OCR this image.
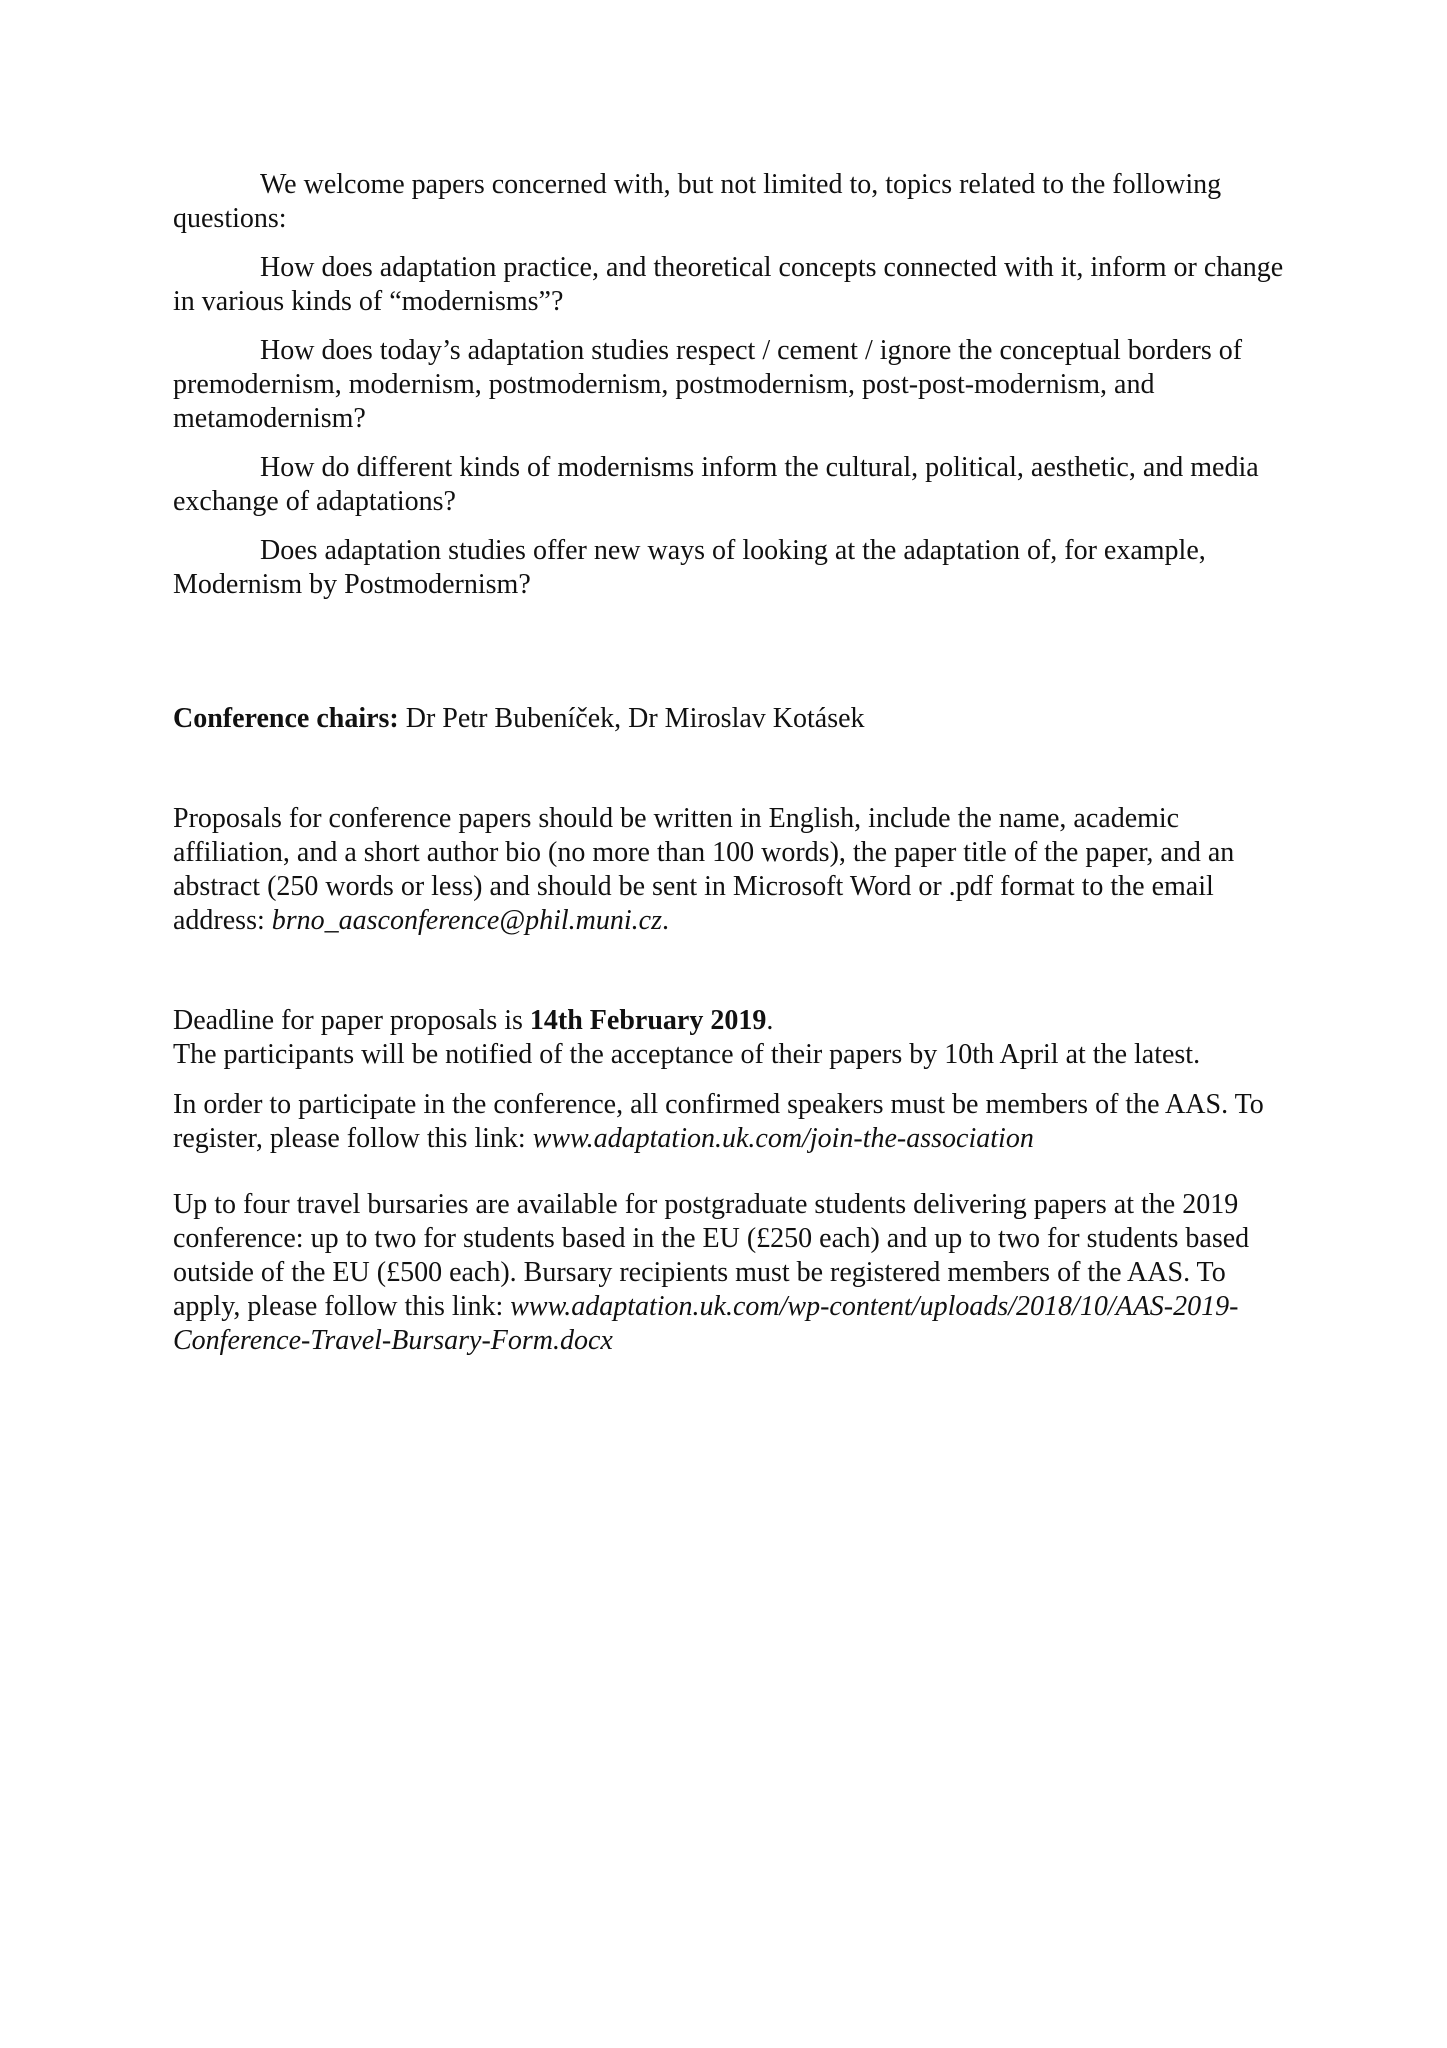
We welcome papers concerned with, but not limited to, topics related to the following questions:

How does adaptation practice, and theoretical concepts connected with it, inform or change in various kinds of “modernisms”?

How does today’s adaptation studies respect / cement / ignore the conceptual borders of premodernism, modernism, postmodernism, postmodernism, post-post-modernism, and metamodernism?

How do different kinds of modernisms inform the cultural, political, aesthetic, and media exchange of adaptations?

Does adaptation studies offer new ways of looking at the adaptation of, for example, Modernism by Postmodernism?

Conference chairs: Dr Petr Bubeníček, Dr Miroslav Kotásek

Proposals for conference papers should be written in English, include the name, academic affiliation, and a short author bio (no more than 100 words), the paper title of the paper, and an abstract (250 words or less) and should be sent in Microsoft Word or .pdf format to the email address: brno_aasconference@phil.muni.cz.

Deadline for paper proposals is 14th February 2019.

The participants will be notified of the acceptance of their papers by 10th April at the latest.

In order to participate in the conference, all confirmed speakers must be members of the AAS. To register, please follow this link: www.adaptation.uk.com/join-the-association

Up to four travel bursaries are available for postgraduate students delivering papers at the 2019 conference: up to two for students based in the EU (£250 each) and up to two for students based outside of the EU (£500 each). Bursary recipients must be registered members of the AAS. To apply, please follow this link: www.adaptation.uk.com/wp-content/uploads/2018/10/AAS-2019-Conference-Travel-Bursary-Form.docx
